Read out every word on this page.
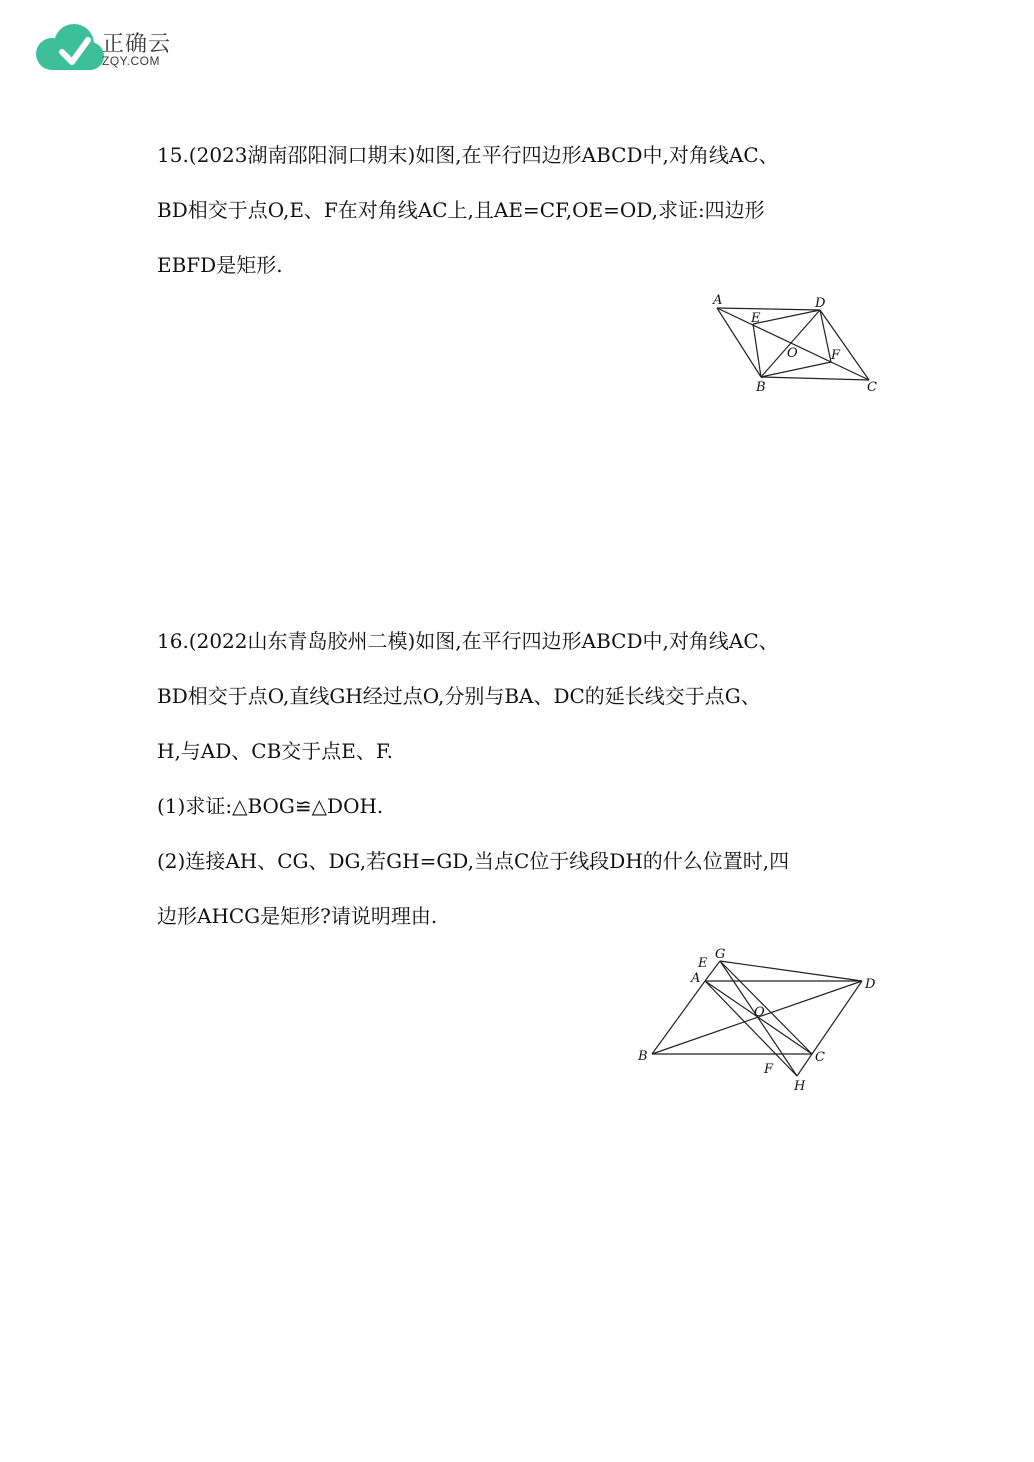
正确云
ZQY.COM

15.(2023湖南邵阳洞口期末)如图,在平行四边形ABCD中,对角线AC、

BD相交于点O,E、F在对角线AC上,且AE=CF,OE=OD,求证:四边形

EBFD是矩形.

A	D
E
O	F
B	C

16.(2022山东青岛胶州二模)如图,在平行四边形ABCD中,对角线AC、

BD相交于点O,直线GH经过点O,分别与BA、DC的延长线交于点G、

H,与AD、CB交于点E、F.

(1)求证:△BOG≌△DOH.

(2)连接AH、CG、DG,若GH=GD,当点C位于线段DH的什么位置时,四

边形AHCG是矩形?请说明理由.

E
G
A	D
O
B	C
F
H
